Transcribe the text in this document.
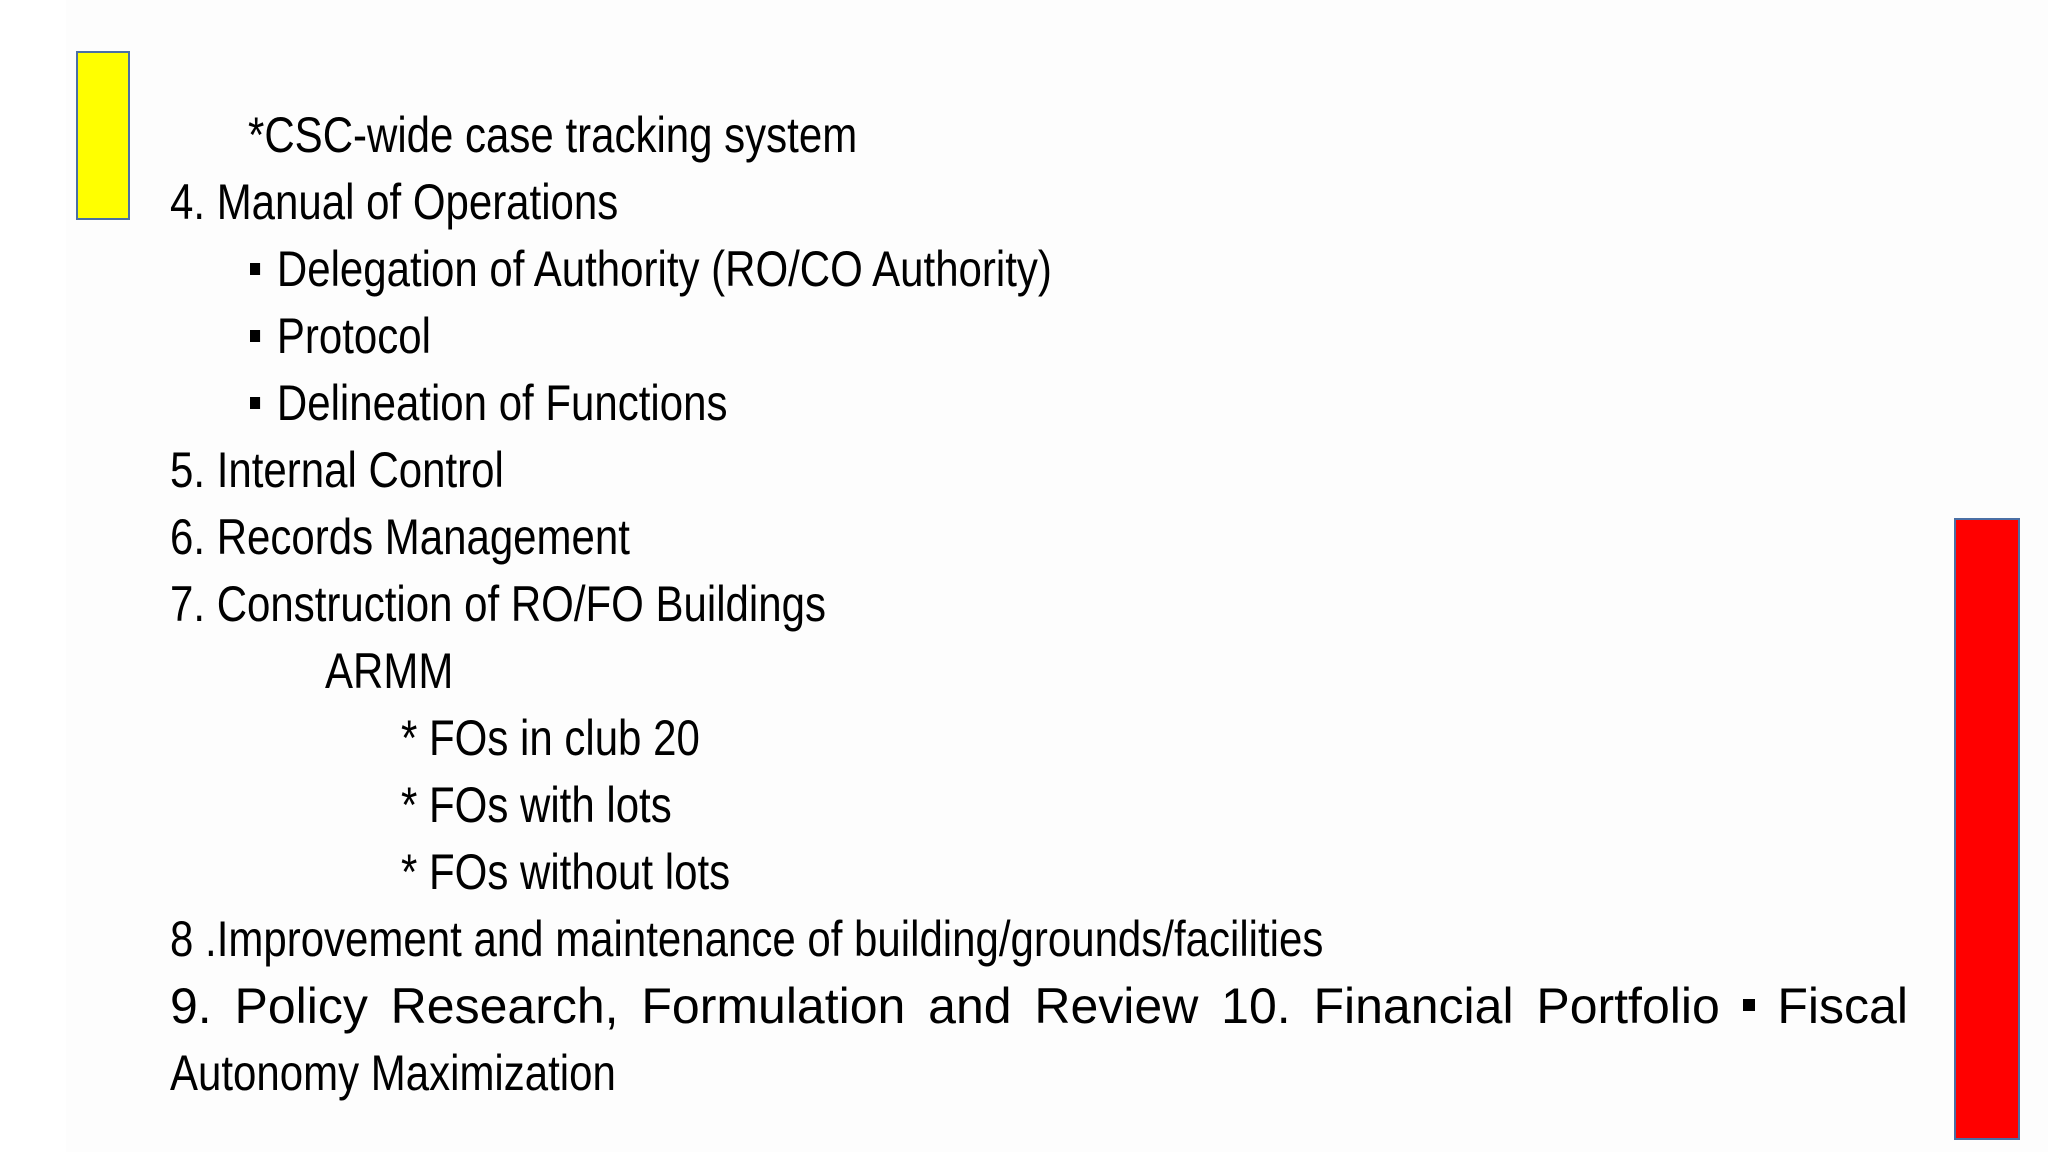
*CSC-wide case tracking system
4. Manual of Operations
Delegation of Authority (RO/CO Authority)
Protocol
Delineation of Functions
5. Internal Control
6. Records Management
7. Construction of RO/FO Buildings
ARMM
* FOs in club 20
* FOs with lots
* FOs without lots
8 .Improvement and maintenance of building/grounds/facilities
9. Policy Research, Formulation and Review 10. Financial Portfolio Fiscal
Autonomy Maximization
